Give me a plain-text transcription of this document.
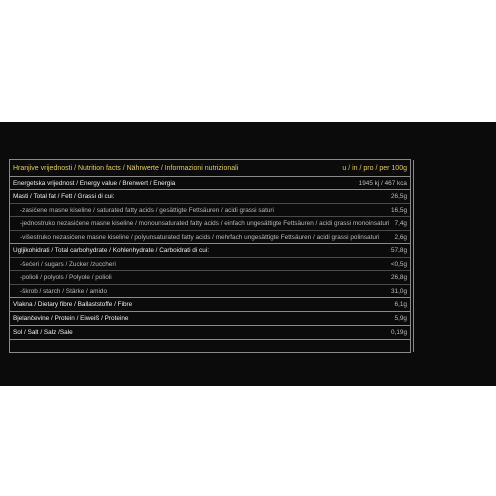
Hranjive vrijednosti / Nutrition facts / Nährwerte / Informazioni nutrizionali	u / in / pro / per 100g
Energetska vrijednost / Energy value / Brenwert / Energia	1945 kj / 467 kca
Masti / Total fat / Fett / Grassi di cui:	26,5g
-zasićene masne kiseline / saturated fatty acids / gesättigte Fettsäuren / acidi grassi saturi	16,5g
-jednostruko nezasićene masne kiseline / monounsaturated fatty acids / einfach ungesättigte Fettsäuren / acidi grassi monoinsaturi 7,4g
-višestruko nezasićene masne kiseline / polyunsaturated fatty acids / mehrfach ungesättigte Fettsäuren / acidi grassi polinsaturi	2,6g
Ugljikohidrati / Total carbohydrate / Kohlenhydrate / Carboidrati di cui:	57,8g
-šećeri / sugars / Zucker /zuccheri	<0,5g
-polioli / polyols / Polyole / polioli	26,8g
-škrob / starch / Stärke / amido	31,0g
Vlakna / Dietary fibre / Ballaststoffe / Fibre	6,1g
Bjelančevine / Protein / Eiweiß / Proteine	5,9g
Sol / Salt / Salz /Sale	0,19g
